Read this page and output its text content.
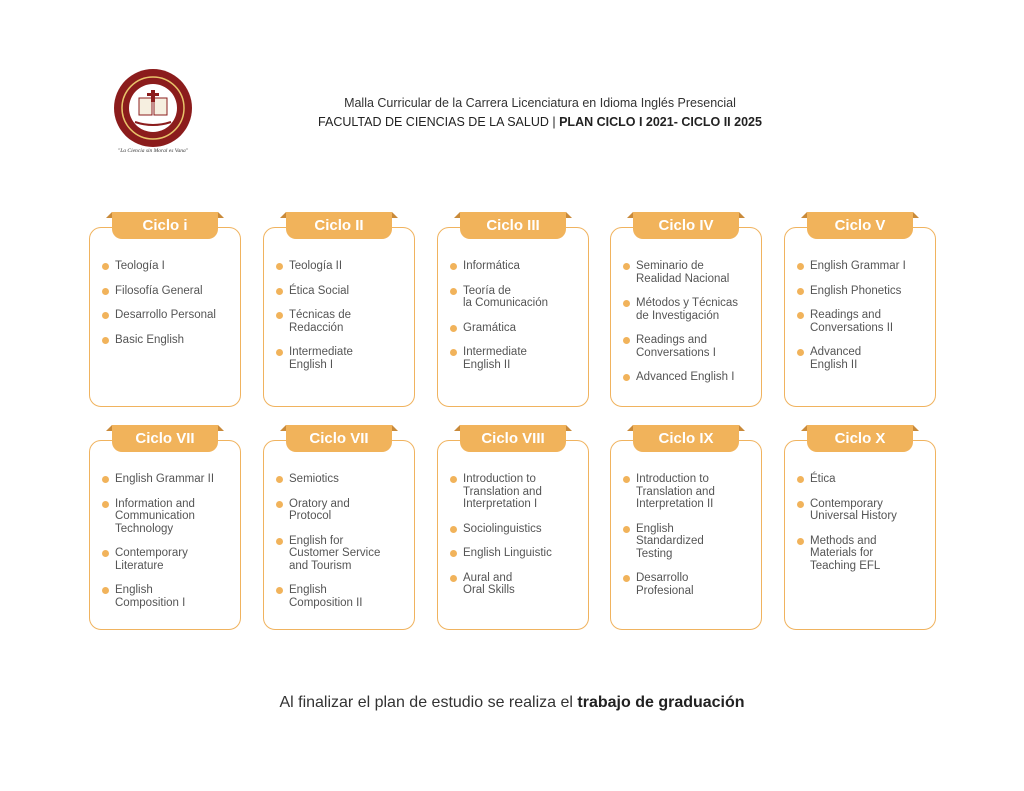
"La Ciencia sin Moral es Vana"
Malla Curricular de la Carrera Licenciatura en Idioma Inglés Presencial
FACULTAD DE CIENCIAS DE LA SALUD | PLAN CICLO I 2021- CICLO II 2025
Ciclo i
Teología I
Filosofía General
Desarrollo Personal
Basic English
Ciclo II
Teología II
Ética Social
Técnicas de
Redacción
Intermediate
English I
Ciclo III
Informática
Teoría de
la Comunicación
Gramática
Intermediate
English II
Ciclo IV
Seminario de
Realidad Nacional
Métodos y Técnicas
de Investigación
Readings and
Conversations I
Advanced English I
Ciclo V
English Grammar I
English Phonetics
Readings and
Conversations II
Advanced
English II
Ciclo VII
English Grammar II
Information and
Communication
Technology
Contemporary
Literature
English
Composition I
Ciclo VII
Semiotics
Oratory and
Protocol
English for
Customer Service
and Tourism
English
Composition II
Ciclo VIII
Introduction to
Translation and
Interpretation I
Sociolinguistics
English Linguistic
Aural and
Oral Skills
Ciclo IX
Introduction to
Translation and
Interpretation II
English
Standardized
Testing
Desarrollo
Profesional
Ciclo X
Ética
Contemporary
Universal History
Methods and
Materials for
Teaching EFL
Al finalizar el plan de estudio se realiza el trabajo de graduación
